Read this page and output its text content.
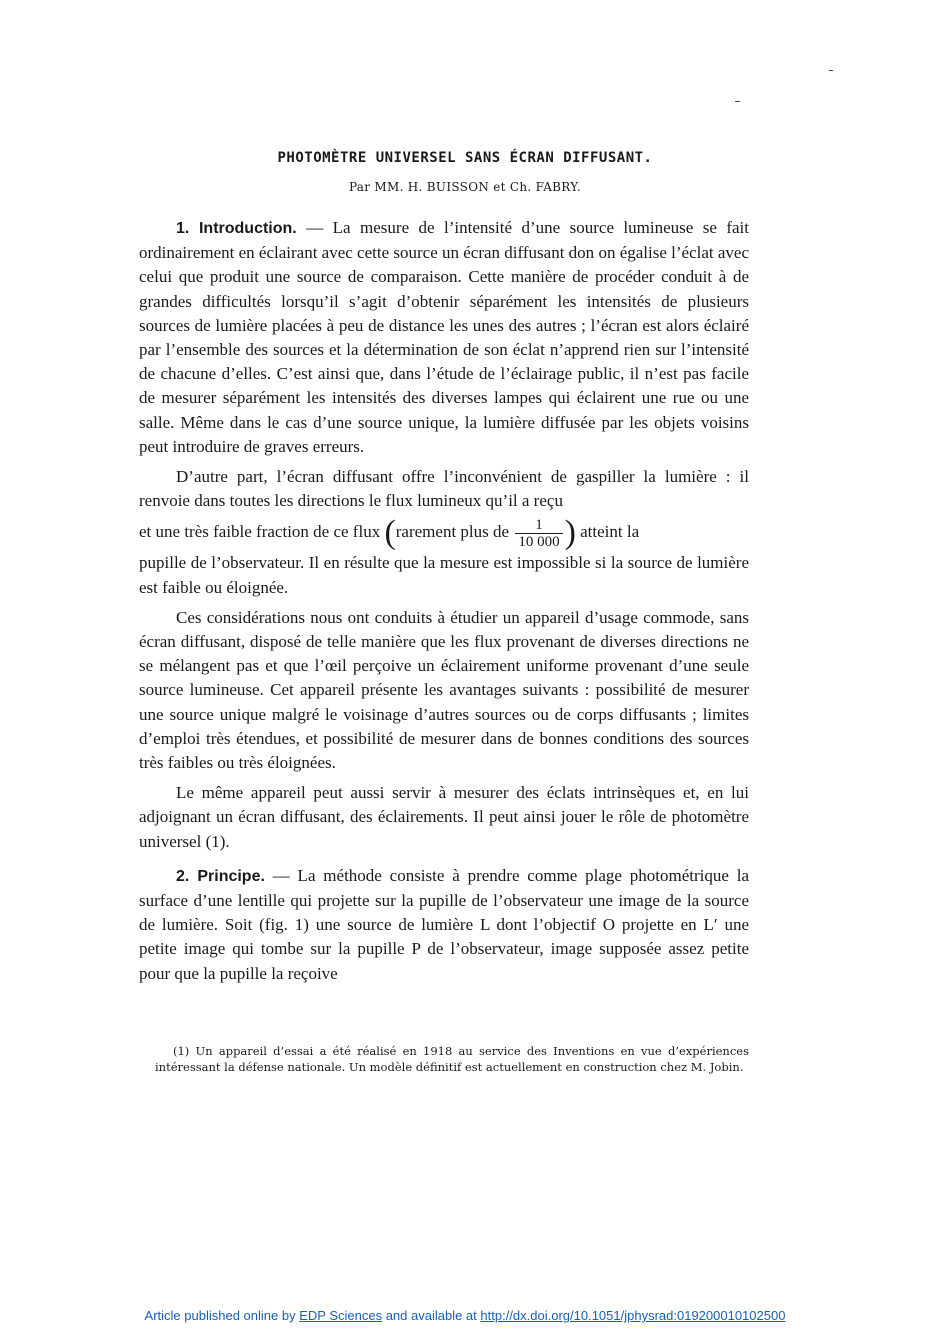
PHOTOMÈTRE UNIVERSEL SANS ÉCRAN DIFFUSANT.
Par MM. H. BUISSON et Ch. FABRY.

1. Introduction. — La mesure de l’intensité d’une source lumineuse se fait ordinairement en éclairant avec cette source un écran diffusant don on égalise l’éclat avec celui que produit une source de comparaison. Cette manière de procéder conduit à de grandes difficultés lorsqu’il s’agit d’obtenir séparément les intensités de plusieurs sources de lumière placées à peu de distance les unes des autres ; l’écran est alors éclairé par l’ensemble des sources et la détermination de son éclat n’apprend rien sur l’intensité de chacune d’elles. C’est ainsi que, dans l’étude de l’éclairage public, il n’est pas facile de mesurer séparément les intensités des diverses lampes qui éclairent une rue ou une salle. Même dans le cas d’une source unique, la lumière diffusée par les objets voisins peut introduire de graves erreurs.

D’autre part, l’écran diffusant offre l’inconvénient de gaspiller la lumière : il renvoie dans toutes les directions le flux lumineux qu’il a reçu

et une très faible fraction de ce flux (rarement plus de $\frac{1}{10 000}$ ) atteint la
pupille de l’observateur. Il en résulte que la mesure est impossible si la source de lumière est faible ou éloignée.

Ces considérations nous ont conduits à étudier un appareil d’usage commode, sans écran diffusant, disposé de telle manière que les flux provenant de diverses directions ne se mélangent pas et que l’œil perçoive un éclairement uniforme provenant d’une seule source lumineuse. Cet appareil présente les avantages suivants : possibilité de mesurer une source unique malgré le voisinage d’autres sources ou de corps diffusants ; limites d’emploi très étendues, et possibilité de mesurer dans de bonnes conditions des sources très faibles ou très éloignées.

Le même appareil peut aussi servir à mesurer des éclats intrinsèques et, en lui adjoignant un écran diffusant, des éclairements. Il peut ainsi jouer le rôle de photomètre universel (1).

2. Principe. — La méthode consiste à prendre comme plage photométrique la surface d’une lentille qui projette sur la pupille de l’observateur une image de la source de lumière. Soit (fig. 1) une source de lumière L dont l’objectif O projette en L′ une petite image qui tombe sur la pupille P de l’observateur, image supposée assez petite pour que la pupille la reçoive

(1) Un appareil d’essai a été réalisé en 1918 au service des Inventions en vue d’expériences intéressant la défense nationale. Un modèle définitif est actuellement en construction chez M. Jobin.

Article published online by EDP Sciences and available at http://dx.doi.org/10.1051/jphysrad:019200010102500
